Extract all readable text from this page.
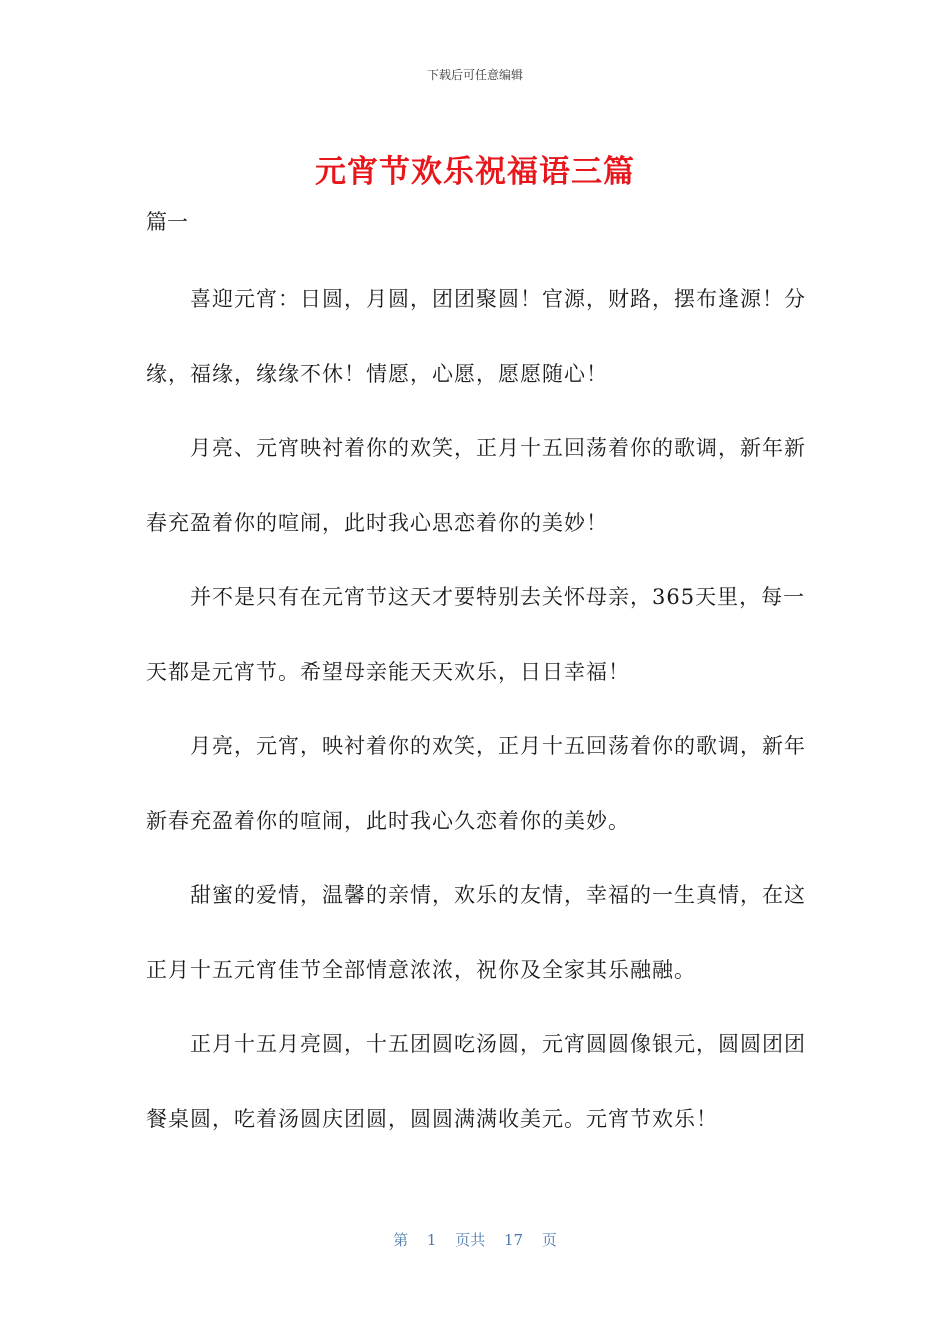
下载后可任意编辑
元宵节欢乐祝福语三篇
篇一

喜迎元宵：日圆，月圆，团团聚圆！官源，财路，摆布逢源！分缘，福缘，缘缘不休！情愿，心愿，愿愿随心！

月亮、元宵映衬着你的欢笑，正月十五回荡着你的歌调，新年新春充盈着你的喧闹，此时我心思恋着你的美妙！

并不是只有在元宵节这天才要特别去关怀母亲，365天里，每一天都是元宵节。希望母亲能天天欢乐，日日幸福！

月亮，元宵，映衬着你的欢笑，正月十五回荡着你的歌调，新年新春充盈着你的喧闹，此时我心久恋着你的美妙。

甜蜜的爱情，温馨的亲情，欢乐的友情，幸福的一生真情，在这正月十五元宵佳节全部情意浓浓，祝你及全家其乐融融。

正月十五月亮圆，十五团圆吃汤圆，元宵圆圆像银元，圆圆团团餐桌圆，吃着汤圆庆团圆，圆圆满满收美元。元宵节欢乐！

第 1 页共 17 页
